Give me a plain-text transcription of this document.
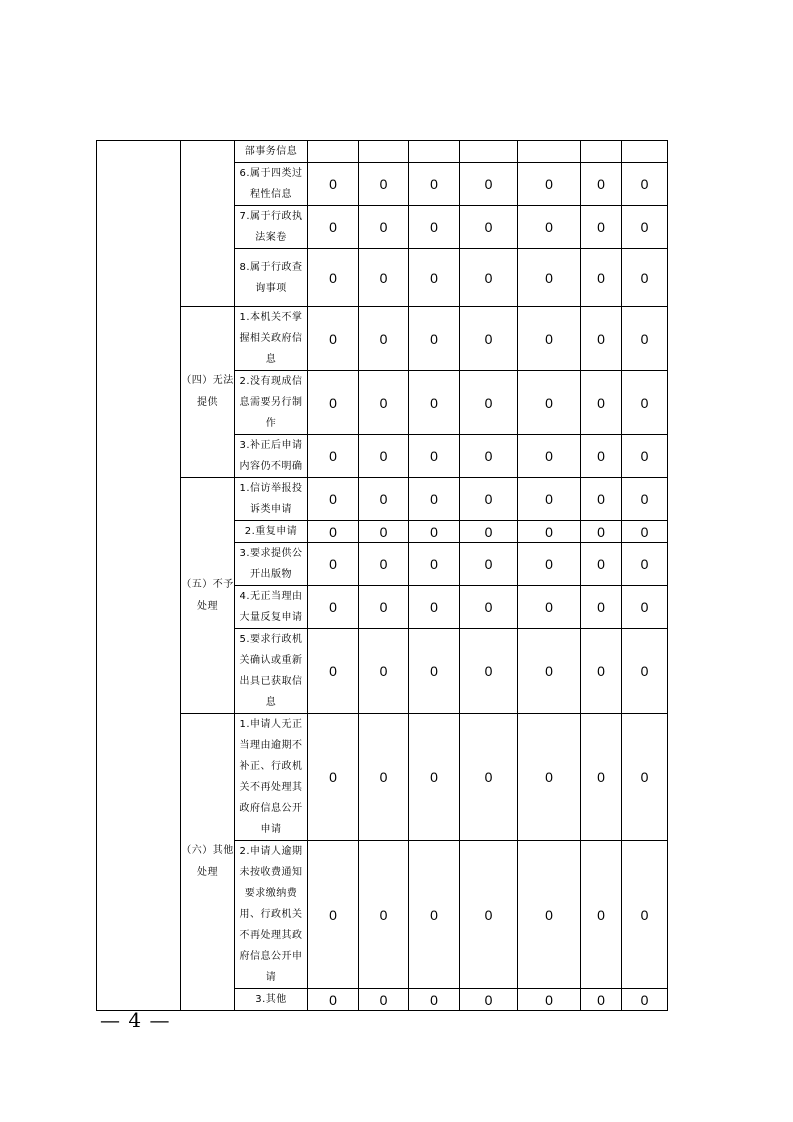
		部事务信息							
		6.属于四类过程性信息	0	0	0	0	0	0	0
		7.属于行政执法案卷	0	0	0	0	0	0	0
		8.属于行政查询事项	0	0	0	0	0	0	0
	（四）无法提供	1.本机关不掌握相关政府信息	0	0	0	0	0	0	0
		2.没有现成信息需要另行制作	0	0	0	0	0	0	0
		3.补正后申请内容仍不明确	0	0	0	0	0	0	0
	（五）不予处理	1.信访举报投诉类申请	0	0	0	0	0	0	0
		2.重复申请	0	0	0	0	0	0	0
		3.要求提供公开出版物	0	0	0	0	0	0	0
		4.无正当理由大量反复申请	0	0	0	0	0	0	0
		5.要求行政机关确认或重新出具已获取信息	0	0	0	0	0	0	0
	（六）其他处理	1.申请人无正当理由逾期不补正、行政机关不再处理其政府信息公开申请	0	0	0	0	0	0	0
		2.申请人逾期未按收费通知要求缴纳费用、行政机关不再处理其政府信息公开申请	0	0	0	0	0	0	0
		3.其他	0	0	0	0	0	0	0
— 4 —
